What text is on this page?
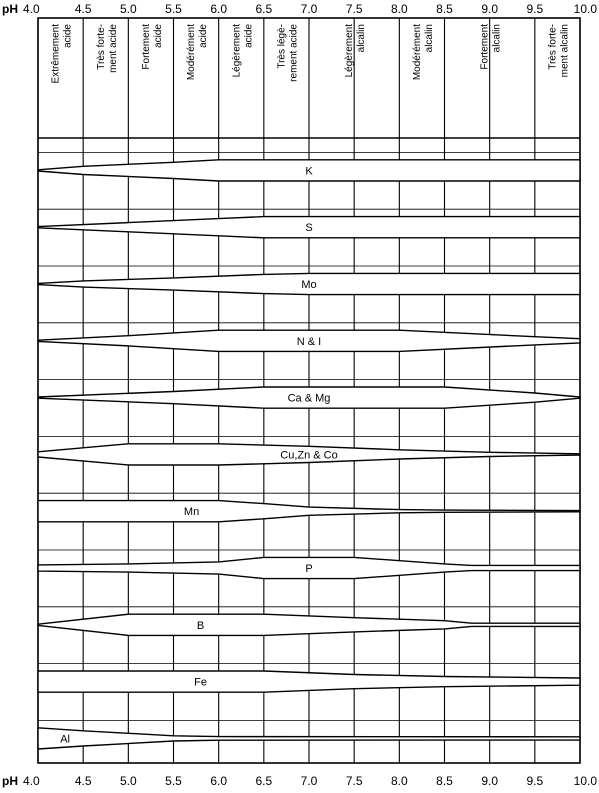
Extrêmement acide Très forte- ment acide Fortement acide Modérément acide Légèrement acide Très légè- rement acide	Légèrement alcalin	Modérément alcalin	Fortement alcalin	Très forte- ment alcalin
K
S
Mo
N & I
Ca & Mg
Cu,Zn & Co
Mn
P
B
Fe
Al
pH 4.0	4.5 5.0 5.5 6.0 6.5 7.0 7.5 8.0 8.5 9.0 9.5	10.0
pH 4.0	4.5 5.0 5.5 6.0 6.5 7.0 7.5 8.0 8.5 9.0 9.5	10.0
